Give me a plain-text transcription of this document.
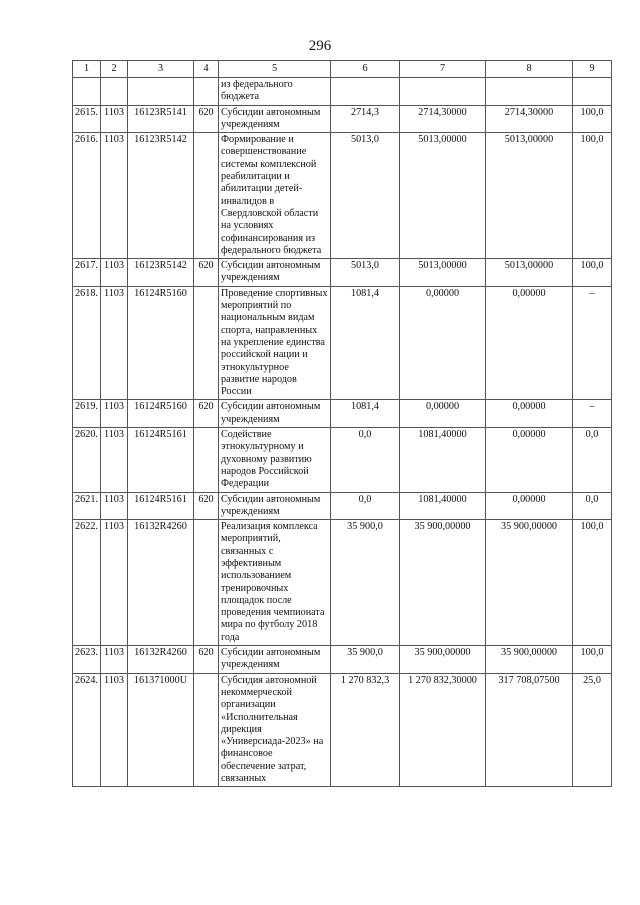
296
1	2	3	4	5	6	7	8	9
				из федерального бюджета				
2615.	1103	16123R5141	620	Субсидии автономным учреждениям	2714,3	2714,30000	2714,30000	100,0
2616.	1103	16123R5142		Формирование и совершенствование системы комплексной реабилитации и абилитации детей-инвалидов в Свердловской области на условиях софинансирования из федерального бюджета	5013,0	5013,00000	5013,00000	100,0
2617.	1103	16123R5142	620	Субсидии автономным учреждениям	5013,0	5013,00000	5013,00000	100,0
2618.	1103	16124R5160		Проведение спортивных мероприятий по национальным видам спорта, направленных на укрепление единства российской нации и этнокультурное развитие народов России	1081,4	0,00000	0,00000	–
2619.	1103	16124R5160	620	Субсидии автономным учреждениям	1081,4	0,00000	0,00000	–
2620.	1103	16124R5161		Содействие этнокультурному и духовному развитию народов Российской Федерации	0,0	1081,40000	0,00000	0,0
2621.	1103	16124R5161	620	Субсидии автономным учреждениям	0,0	1081,40000	0,00000	0,0
2622.	1103	16132R4260		Реализация комплекса мероприятий, связанных с эффективным использованием тренировочных площадок после проведения чемпионата мира по футболу 2018 года	35 900,0	35 900,00000	35 900,00000	100,0
2623.	1103	16132R4260	620	Субсидии автономным учреждениям	35 900,0	35 900,00000	35 900,00000	100,0
2624.	1103	161371000U		Субсидия автономной некоммерческой организации «Исполнительная дирекция «Универсиада-2023» на финансовое обеспечение затрат, связанных	1 270 832,3	1 270 832,30000	317 708,07500	25,0
